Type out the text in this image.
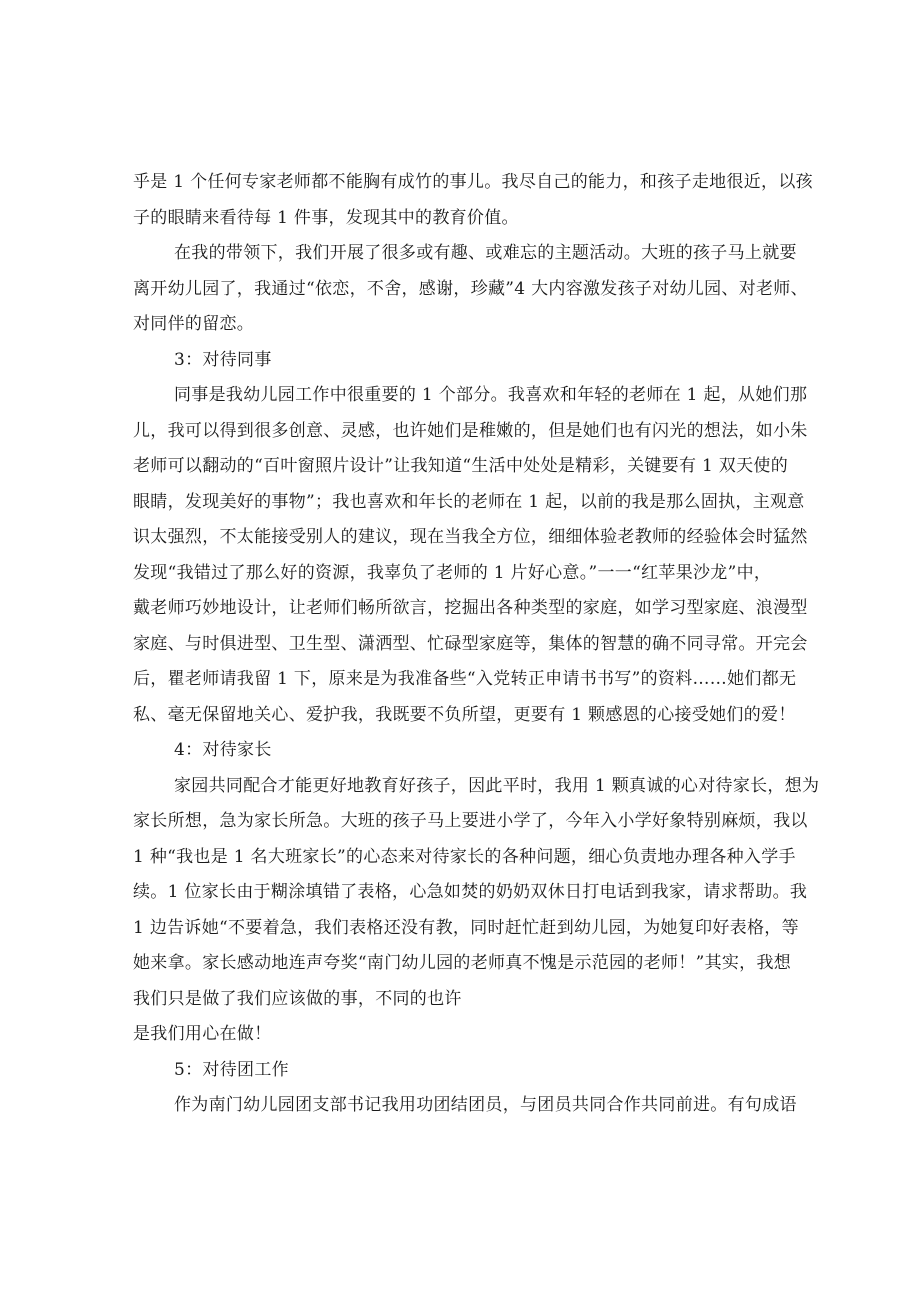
乎是 1 个任何专家老师都不能胸有成竹的事儿。我尽自己的能力，和孩子走地很近，以孩
子的眼睛来看待每 1 件事，发现其中的教育价值。
在我的带领下，我们开展了很多或有趣、或难忘的主题活动。大班的孩子马上就要
离开幼儿园了，我通过“依恋，不舍，感谢，珍藏”4 大内容激发孩子对幼儿园、对老师、
对同伴的留恋。
3：对待同事
同事是我幼儿园工作中很重要的 1 个部分。我喜欢和年轻的老师在 1 起，从她们那
儿，我可以得到很多创意、灵感，也许她们是稚嫩的，但是她们也有闪光的想法，如小朱
老师可以翻动的“百叶窗照片设计”让我知道“生活中处处是精彩，关键要有 1 双天使的
眼睛，发现美好的事物”；我也喜欢和年长的老师在 1 起，以前的我是那么固执，主观意
识太强烈，不太能接受别人的建议，现在当我全方位，细细体验老教师的经验体会时猛然
发现“我错过了那么好的资源，我辜负了老师的 1 片好心意。”一一“红苹果沙龙”中，
戴老师巧妙地设计，让老师们畅所欲言，挖掘出各种类型的家庭，如学习型家庭、浪漫型
家庭、与时俱进型、卫生型、潇洒型、忙碌型家庭等，集体的智慧的确不同寻常。开完会
后，瞿老师请我留 1 下，原来是为我准备些“入党转正申请书书写”的资料……她们都无
私、毫无保留地关心、爱护我，我既要不负所望，更要有 1 颗感恩的心接受她们的爱！
4：对待家长
家园共同配合才能更好地教育好孩子，因此平时，我用 1 颗真诚的心对待家长，想为
家长所想，急为家长所急。大班的孩子马上要进小学了，今年入小学好象特别麻烦，我以
1 种“我也是 1 名大班家长”的心态来对待家长的各种问题，细心负责地办理各种入学手
续。1 位家长由于糊涂填错了表格，心急如焚的奶奶双休日打电话到我家，请求帮助。我
1 边告诉她“不要着急，我们表格还没有教，同时赶忙赶到幼儿园，为她复印好表格，等
她来拿。家长感动地连声夸奖“南门幼儿园的老师真不愧是示范园的老师！”其实，我想
我们只是做了我们应该做的事，不同的也许
是我们用心在做！
5：对待团工作
作为南门幼儿园团支部书记我用功团结团员，与团员共同合作共同前进。有句成语
